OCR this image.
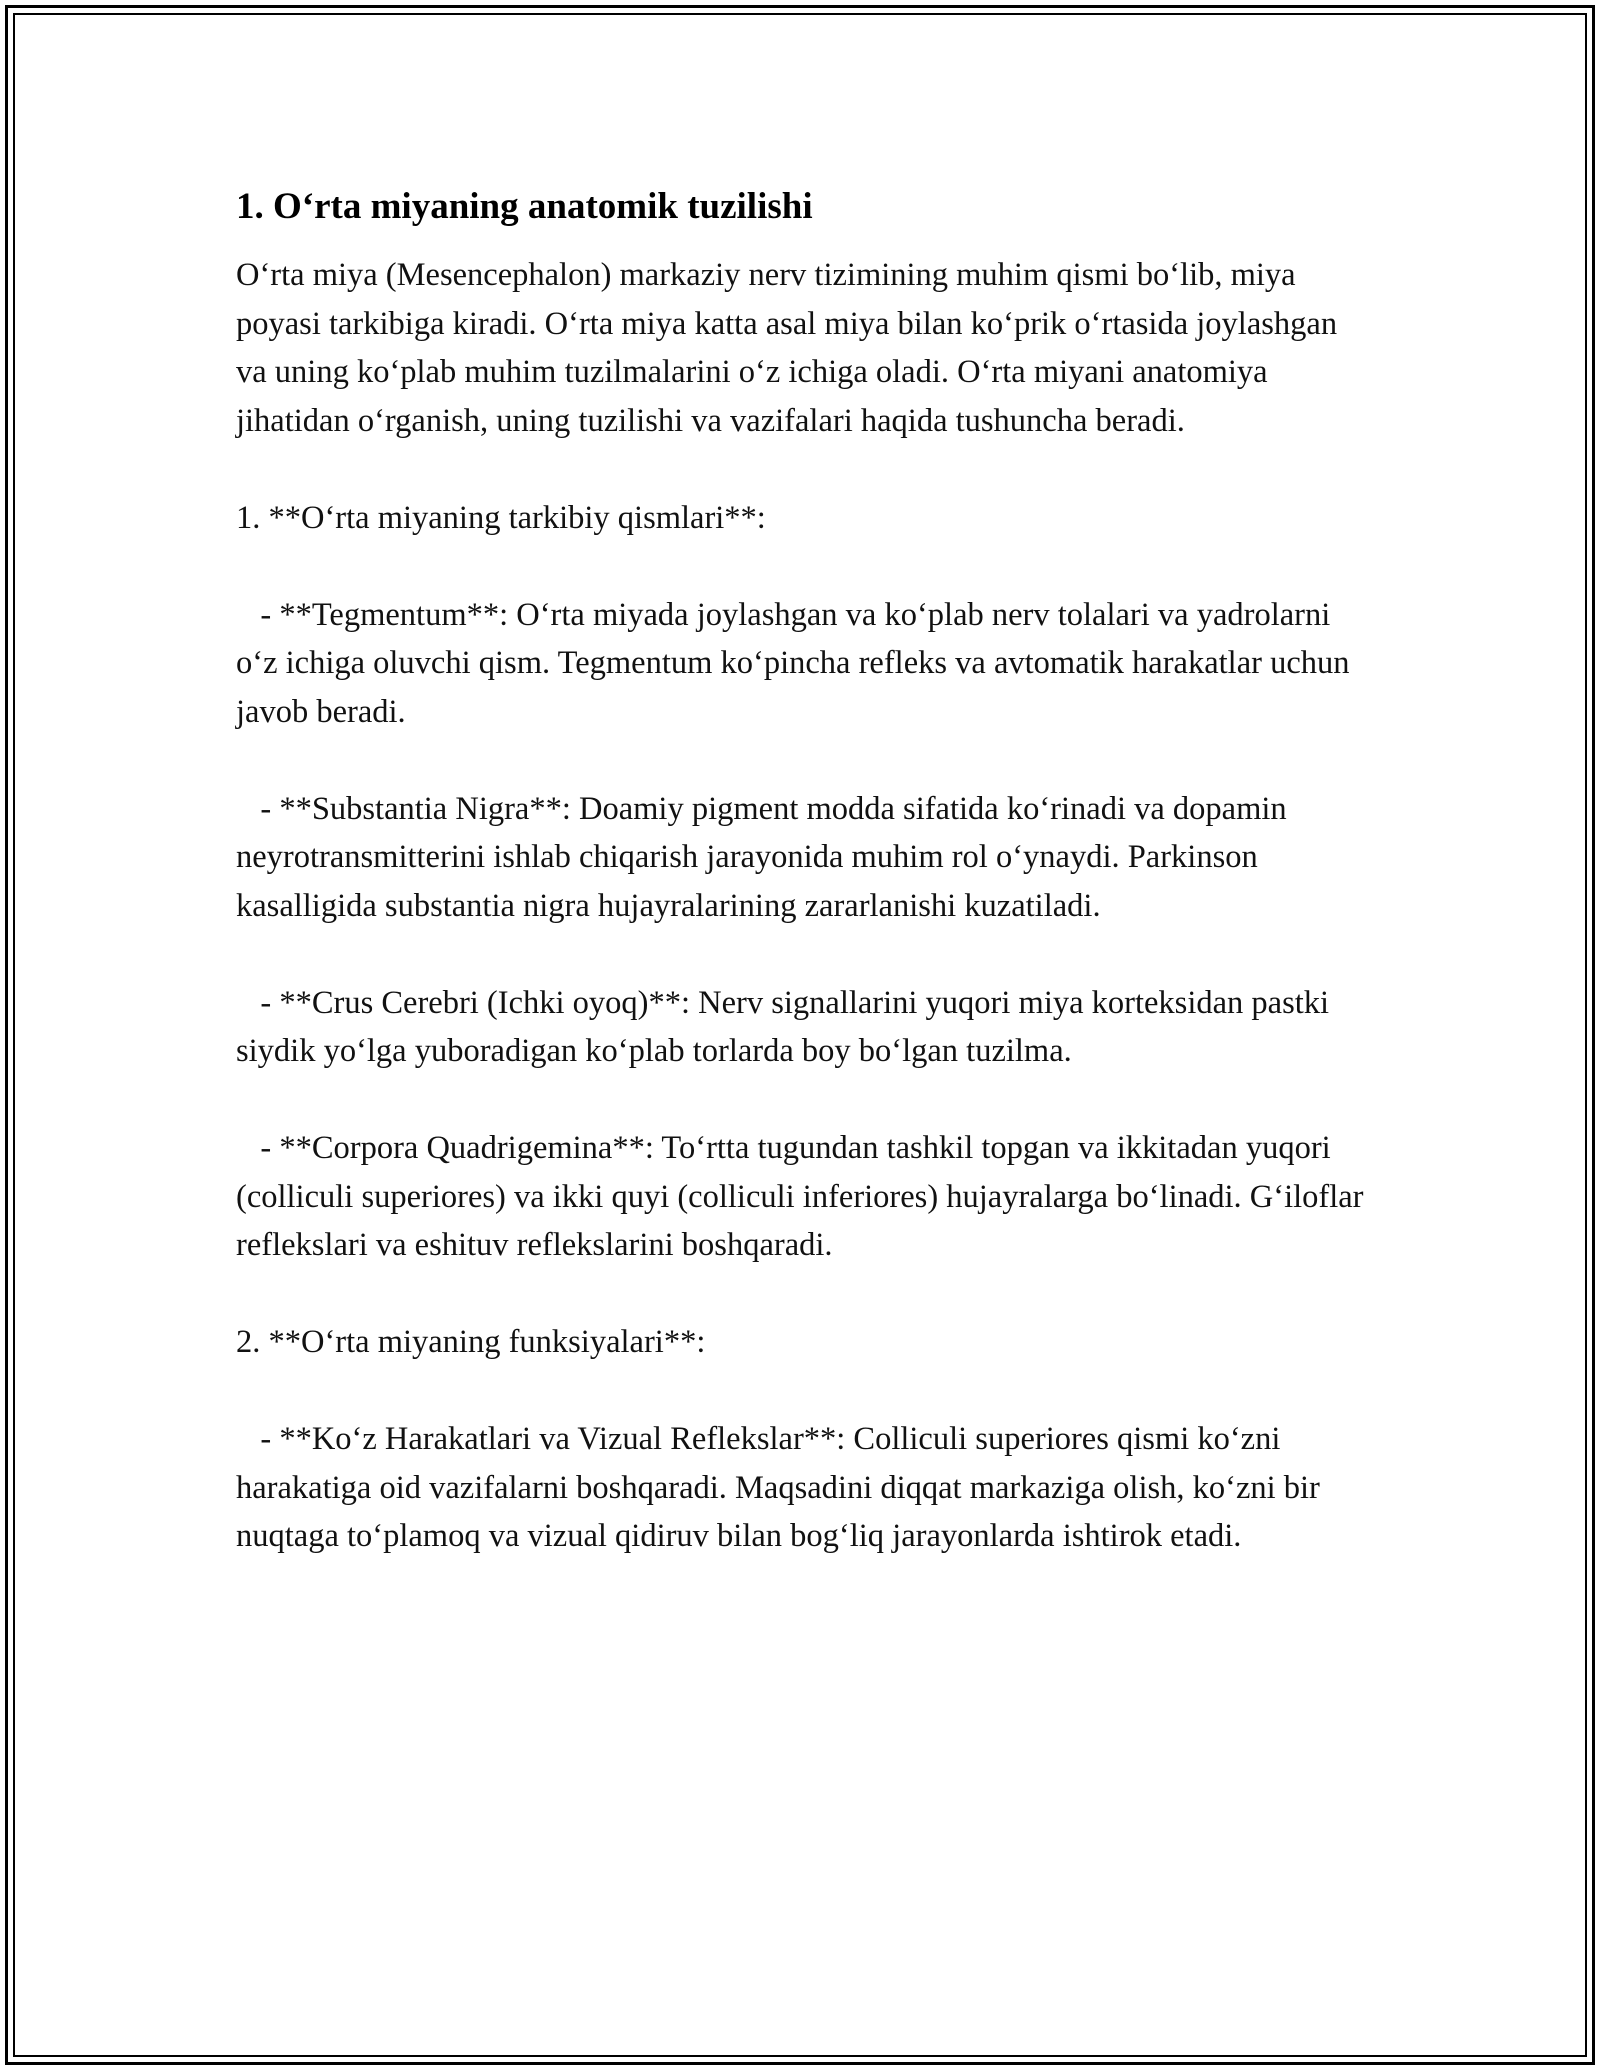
1. O‘rta miyaning anatomik tuzilishi

O‘rta miya (Mesencephalon) markaziy nerv tizimining muhim qismi bo‘lib, miya poyasi tarkibiga kiradi. O‘rta miya katta asal miya bilan ko‘prik o‘rtasida joylashgan va uning ko‘plab muhim tuzilmalarini o‘z ichiga oladi. O‘rta miyani anatomiya jihatidan o‘rganish, uning tuzilishi va vazifalari haqida tushuncha beradi.

1. **O‘rta miyaning tarkibiy qismlari**:

- **Tegmentum**: O‘rta miyada joylashgan va ko‘plab nerv tolalari va yadrolarni o‘z ichiga oluvchi qism. Tegmentum ko‘pincha refleks va avtomatik harakatlar uchun javob beradi.

- **Substantia Nigra**: Doamiy pigment modda sifatida ko‘rinadi va dopamin neyrotransmitterini ishlab chiqarish jarayonida muhim rol o‘ynaydi. Parkinson kasalligida substantia nigra hujayralarining zararlanishi kuzatiladi.

- **Crus Cerebri (Ichki oyoq)**: Nerv signallarini yuqori miya korteksidan pastki siydik yo‘lga yuboradigan ko‘plab torlarda boy bo‘lgan tuzilma.

- **Corpora Quadrigemina**: To‘rtta tugundan tashkil topgan va ikkitadan yuqori (colliculi superiores) va ikki quyi (colliculi inferiores) hujayralarga bo‘linadi. G‘iloflar reflekslari va eshituv reflekslarini boshqaradi.

2. **O‘rta miyaning funksiyalari**:

- **Ko‘z Harakatlari va Vizual Reflekslar**: Colliculi superiores qismi ko‘zni harakatiga oid vazifalarni boshqaradi. Maqsadini diqqat markaziga olish, ko‘zni bir nuqtaga to‘plamoq va vizual qidiruv bilan bog‘liq jarayonlarda ishtirok etadi.
